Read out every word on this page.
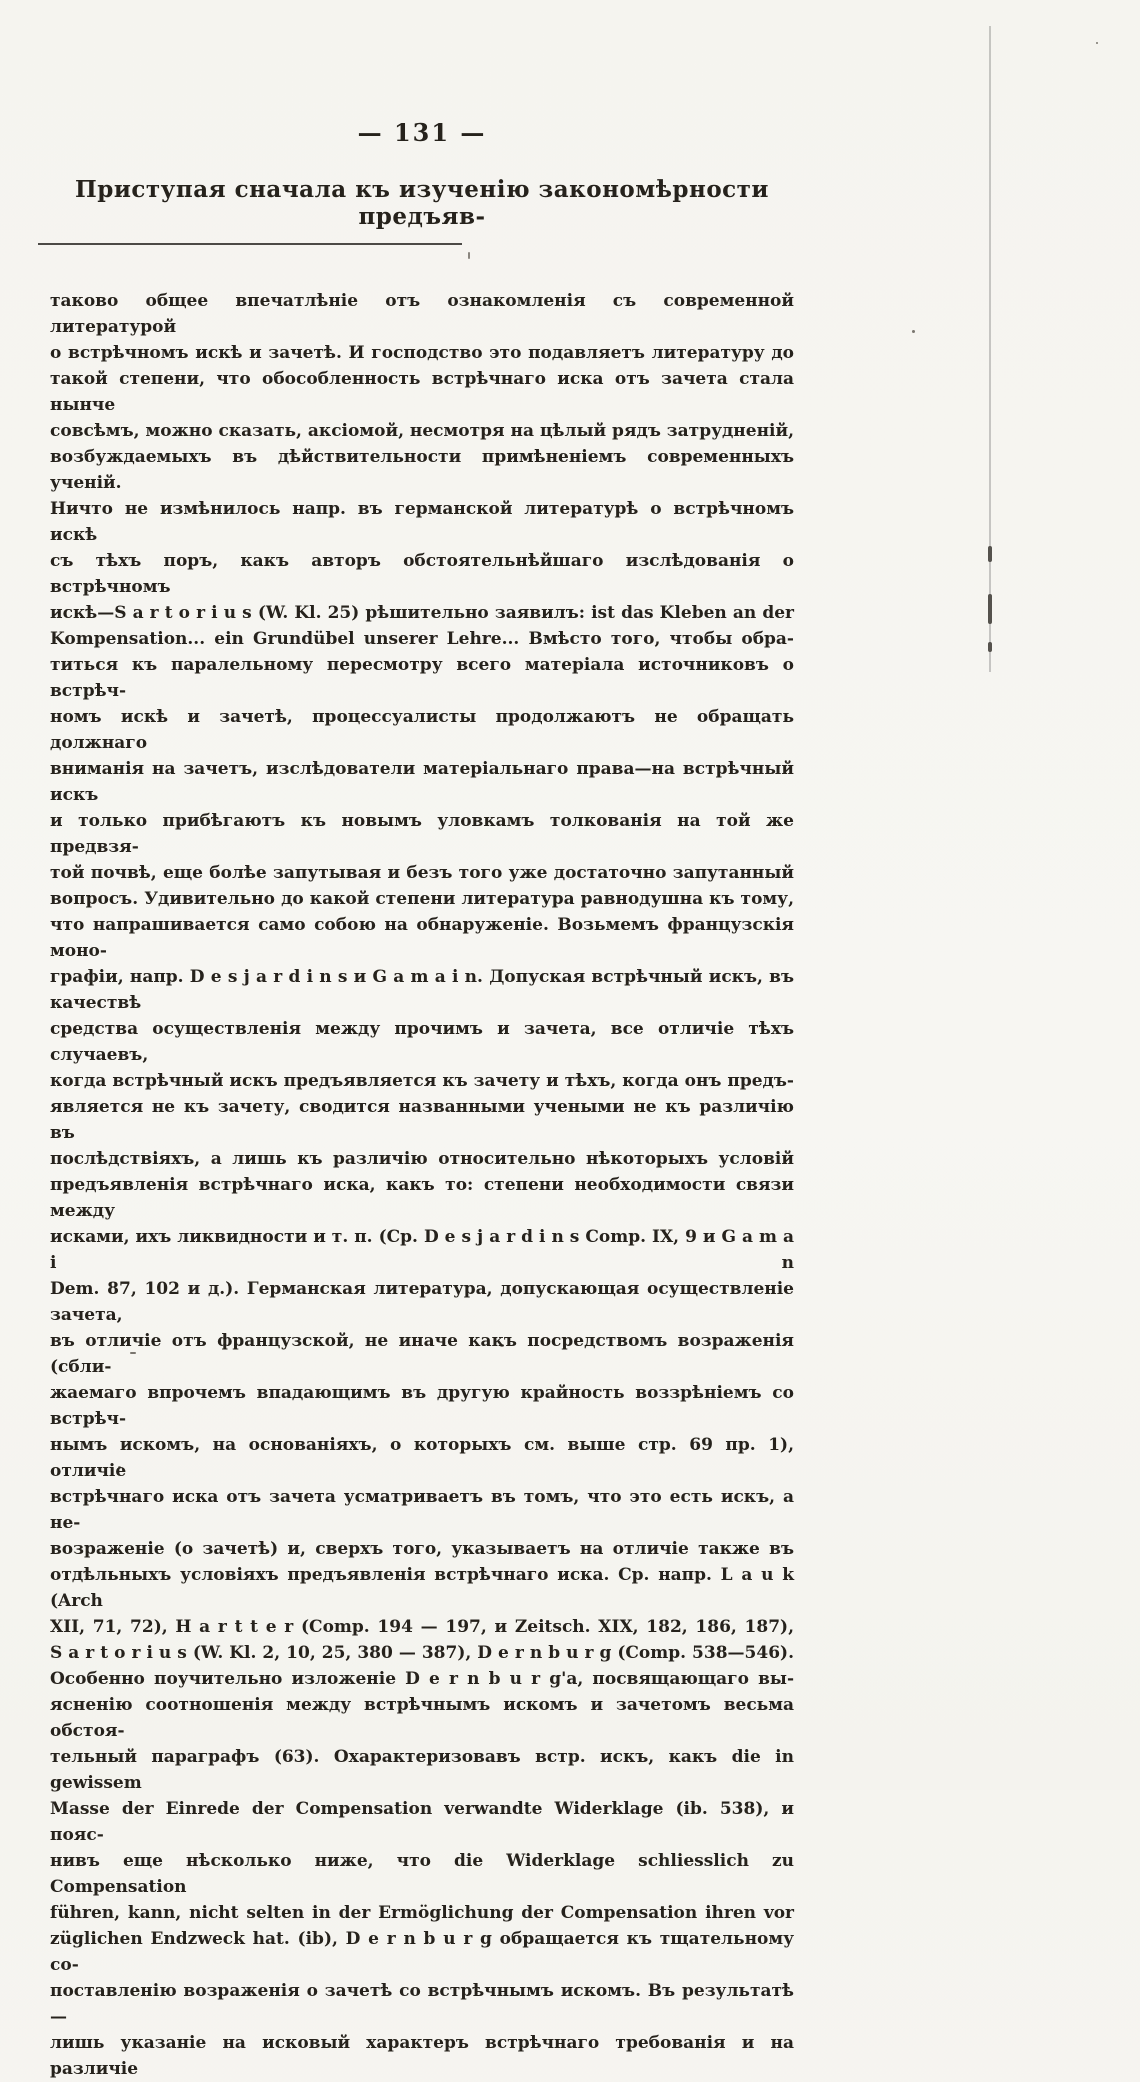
— 131 —
Приступая сначала къ изученію закономѣрности предъяв-
таково общее впечатлѣніе отъ ознакомленія съ современной литературой
о встрѣчномъ искѣ и зачетѣ. И господство это подавляетъ литературу до
такой степени, что обособленность встрѣчнаго иска отъ зачета стала нынче
совсѣмъ, можно сказать, аксіомой, несмотря на цѣлый рядъ затрудненій,
возбуждаемыхъ въ дѣйствительности примѣненіемъ современныхъ ученій.
Ничто не измѣнилось напр. въ германской литературѣ о встрѣчномъ искѣ
съ тѣхъ поръ, какъ авторъ обстоятельнѣйшаго изслѣдованія о встрѣчномъ
искѣ—S a r t o r i u s (W. Kl. 25) рѣшительно заявилъ: ist das Kleben an der
Kompensation... ein Grundübel unserer Lehre... Вмѣсто того, чтобы обра-
титься къ паралельному пересмотру всего матеріала источниковъ о встрѣч-
номъ искѣ и зачетѣ, процессуалисты продолжаютъ не обращать должнаго
вниманія на зачетъ, изслѣдователи матеріальнаго права—на встрѣчный искъ
и только прибѣгаютъ къ новымъ уловкамъ толкованія на той же предвзя-
той почвѣ, еще болѣе запутывая и безъ того уже достаточно запутанный
вопросъ. Удивительно до какой степени литература равнодушна къ тому,
что напрашивается само собою на обнаруженіе. Возьмемъ французскія моно-
графіи, напр. D e s j a r d i n s и G a m a i n. Допуская встрѣчный искъ, въ качествѣ
средства осуществленія между прочимъ и зачета, все отличіе тѣхъ случаевъ,
когда встрѣчный искъ предъявляется къ зачету и тѣхъ, когда онъ предъ-
является не къ зачету, сводится названными учеными не къ различію въ
послѣдствіяхъ, а лишь къ различію относительно нѣкоторыхъ условій
предъявленія встрѣчнаго иска, какъ то: степени необходимости связи между
исками, ихъ ликвидности и т. п. (Ср. D e s j a r d i n s Comp. IX, 9 и G a m a i n
Dem. 87, 102 и д.). Германская литература, допускающая осуществленіе зачета,
въ отличіе отъ французской, не иначе какъ посредствомъ возраженія (сбли-
жаемаго впрочемъ впадающимъ въ другую крайность воззрѣніемъ со встрѣч-
нымъ искомъ, на основаніяхъ, о которыхъ см. выше стр. 69 пр. 1), отличіе
встрѣчнаго иска отъ зачета усматриваетъ въ томъ, что это есть искъ, а не-
возраженіе (о зачетѣ) и, сверхъ того, указываетъ на отличіе также въ
отдѣльныхъ условіяхъ предъявленія встрѣчнаго иска. Ср. напр. L a u k (Arch
XII, 71, 72), H a r t t e r (Comp. 194 — 197, и Zeitsch. XIX, 182, 186, 187),
S a r t o r i u s (W. Kl. 2, 10, 25, 380 — 387), D e r n b u r g (Comp. 538—546).
Особенно поучительно изложеніе D e r n b u r g'а, посвящающаго вы-
ясненію соотношенія между встрѣчнымъ искомъ и зачетомъ весьма обстоя-
тельный параграфъ (63). Охарактеризовавъ встр. искъ, какъ die in gewissem
Masse der Einrede der Compensation verwandte Widerklage (ib. 538), и пояс-
нивъ еще нѣсколько ниже, что die Widerklage schliesslich zu Compensation
führen, kann, nicht selten in der Ermöglichung der Compensation ihren vor
züglichen Endzweck hat. (ib), D e r n b u r g обращается къ тщательному со-
поставленію возраженія о зачетѣ со встрѣчнымъ искомъ. Въ результатѣ —
лишь указаніе на исковый характеръ встрѣчнаго требованія и на различіе
